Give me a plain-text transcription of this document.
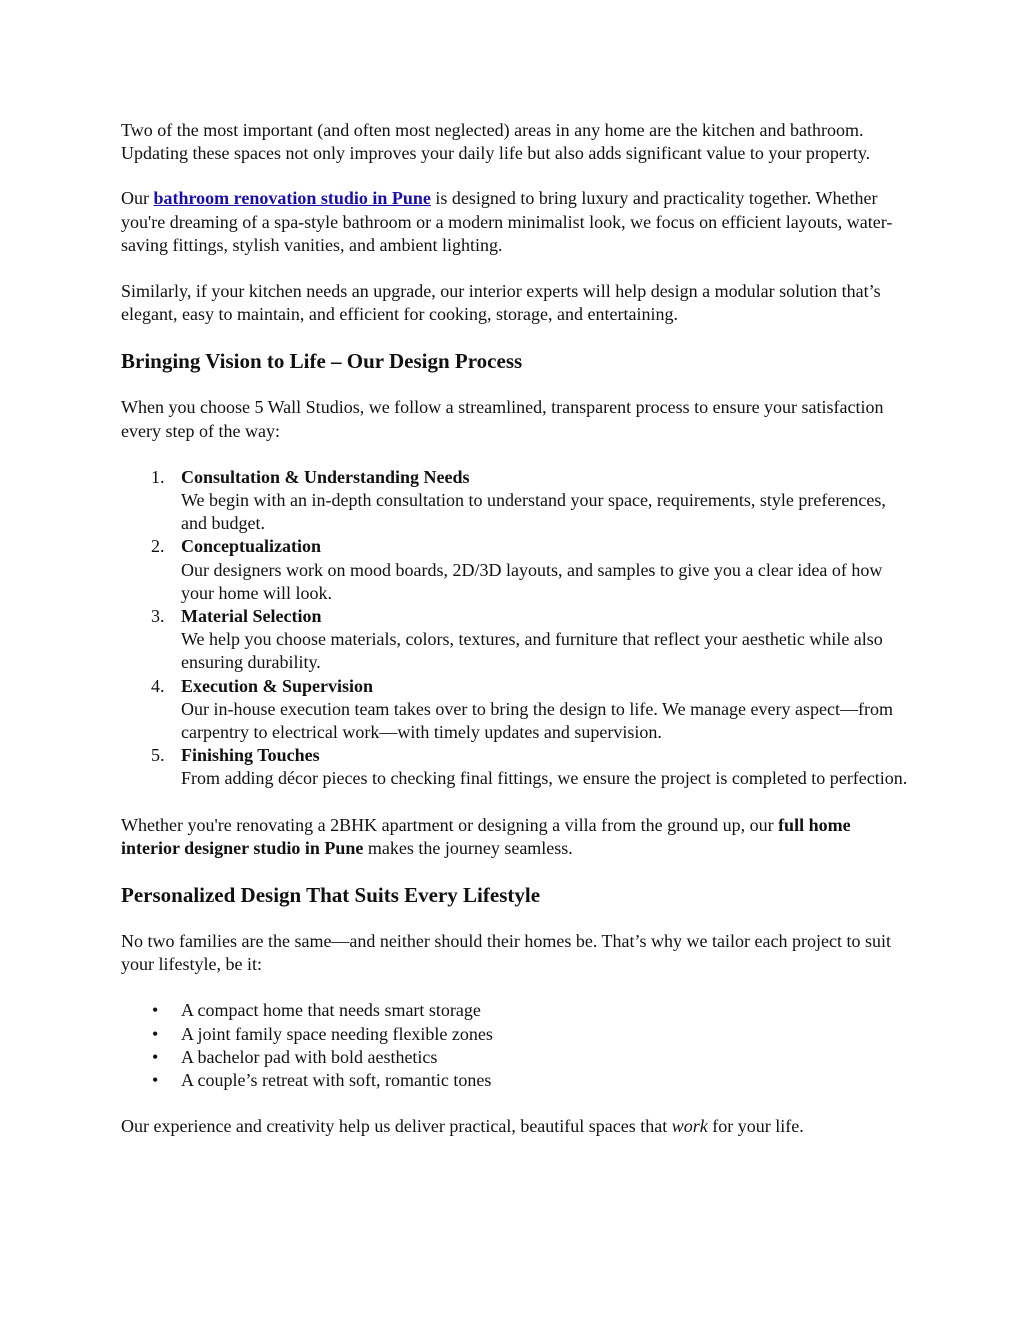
Two of the most important (and often most neglected) areas in any home are the kitchen and bathroom. Updating these spaces not only improves your daily life but also adds significant value to your property.

Our bathroom renovation studio in Pune is designed to bring luxury and practicality together. Whether you're dreaming of a spa-style bathroom or a modern minimalist look, we focus on efficient layouts, water-saving fittings, stylish vanities, and ambient lighting.

Similarly, if your kitchen needs an upgrade, our interior experts will help design a modular solution that’s elegant, easy to maintain, and efficient for cooking, storage, and entertaining.

Bringing Vision to Life – Our Design Process

When you choose 5 Wall Studios, we follow a streamlined, transparent process to ensure your satisfaction every step of the way:

1. Consultation & Understanding Needs
We begin with an in-depth consultation to understand your space, requirements, style preferences, and budget.
2. Conceptualization
Our designers work on mood boards, 2D/3D layouts, and samples to give you a clear idea of how your home will look.
3. Material Selection
We help you choose materials, colors, textures, and furniture that reflect your aesthetic while also ensuring durability.
4. Execution & Supervision
Our in-house execution team takes over to bring the design to life. We manage every aspect—from carpentry to electrical work—with timely updates and supervision.
5. Finishing Touches
From adding décor pieces to checking final fittings, we ensure the project is completed to perfection.

Whether you're renovating a 2BHK apartment or designing a villa from the ground up, our full home interior designer studio in Pune makes the journey seamless.

Personalized Design That Suits Every Lifestyle

No two families are the same—and neither should their homes be. That’s why we tailor each project to suit your lifestyle, be it:

• A compact home that needs smart storage
• A joint family space needing flexible zones
• A bachelor pad with bold aesthetics
• A couple’s retreat with soft, romantic tones

Our experience and creativity help us deliver practical, beautiful spaces that work for your life.
